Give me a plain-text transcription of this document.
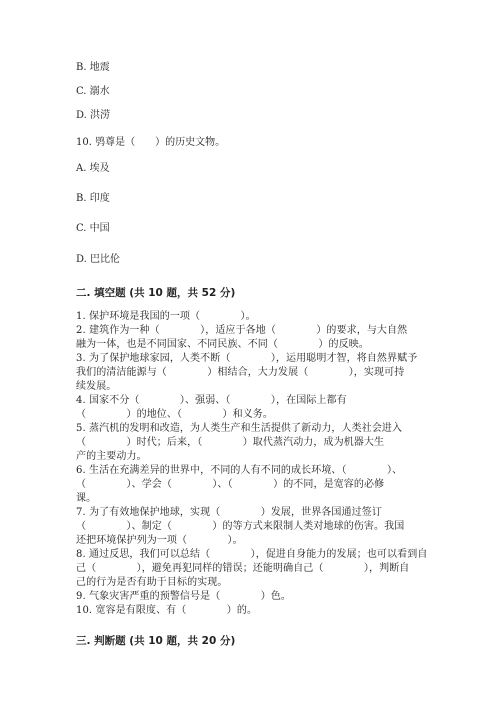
B. 地震
C. 溺水
D. 洪涝
10. 鸮尊是（　　）的历史文物。
A. 埃及
B. 印度
C. 中国
D. 巴比伦
二. 填空题 (共 10 题，共 52 分)
1. 保护环境是我国的一项（　　　　）。
2. 建筑作为一种（　　　　），适应于各地（　　　　）的要求，与大自然
融为一体，也是不同国家、不同民族、不同（　　　　）的反映。
3. 为了保护地球家园，人类不断（　　　　），运用聪明才智，将自然界赋予
我们的清洁能源与（　　　　）相结合，大力发展（　　　　），实现可持
续发展。
4. 国家不分（　　　　）、强弱、（　　　　），在国际上都有
（　　　　）的地位、（　　　　）和义务。
5. 蒸汽机的发明和改造，为人类生产和生活提供了新动力，人类社会进入
（　　　　）时代；后来，（　　　　）取代蒸汽动力，成为机器大生
产的主要动力。
6. 生活在充满差异的世界中，不同的人有不同的成长环境、（　　　　）、
（　　　　）、学会（　　　　）、（　　　　）的不同，是宽容的必修
课。
7. 为了有效地保护地球，实现（　　　　）发展，世界各国通过签订
（　　　　）、制定（　　　　）的等方式来限制人类对地球的伤害。我国
还把环境保护列为一项（　　　　）。
8. 通过反思，我们可以总结（　　　　），促进自身能力的发展；也可以看到自
己（　　　　），避免再犯同样的错误；还能明确自己（　　　　），判断自
己的行为是否有助于目标的实现。
9. 气象灾害严重的预警信号是（　　　　）色。
10. 宽容是有限度、有（　　　　）的。
三. 判断题 (共 10 题，共 20 分)
